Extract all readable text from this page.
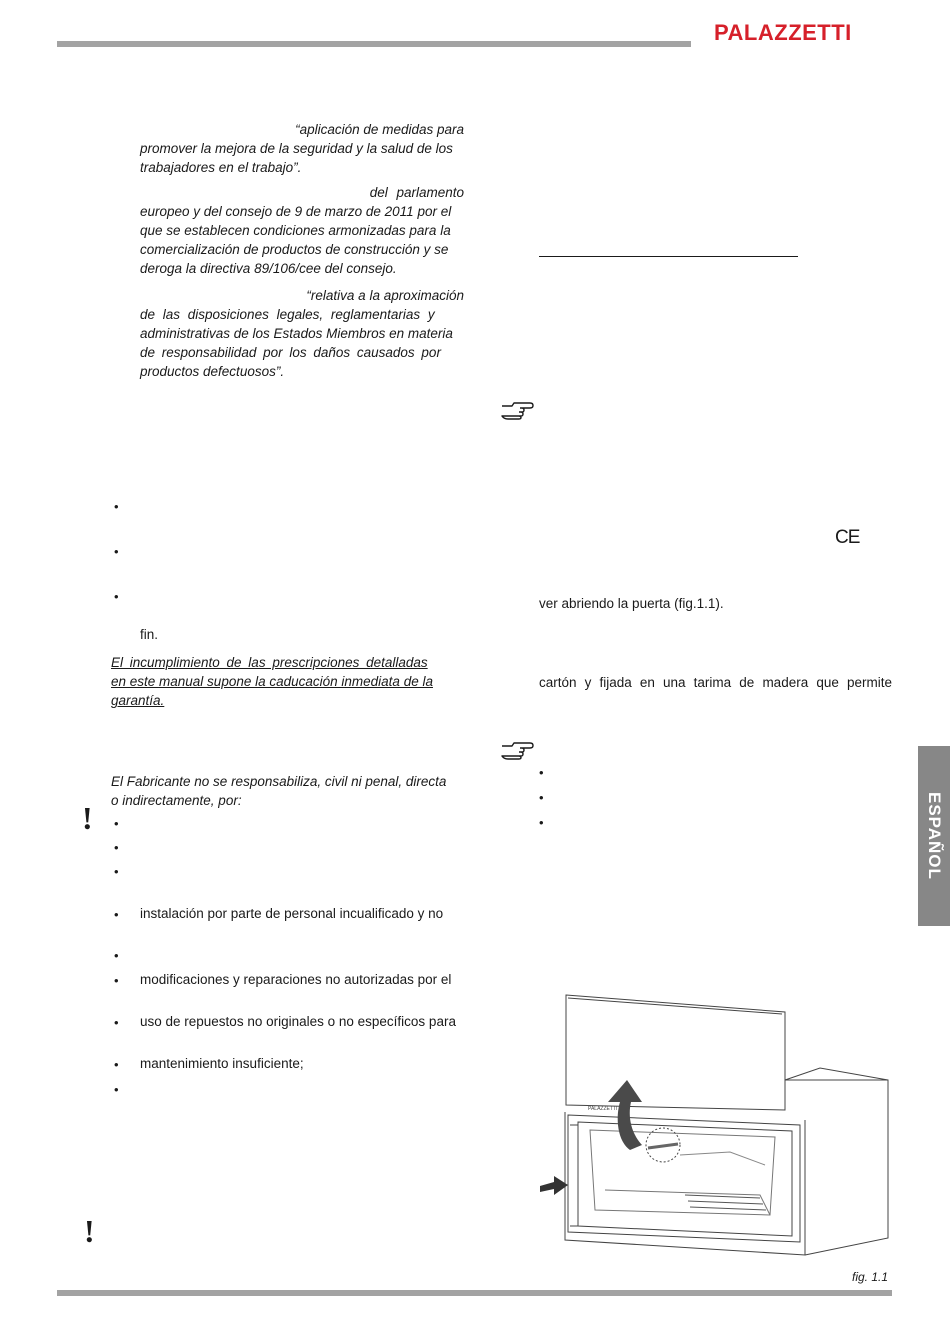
PALAZZETTI
“aplicación de medidas para
promover la mejora de la seguridad y la salud de los
trabajadores en el trabajo”.
del parlamento
europeo y del consejo de 9 de marzo de 2011 por el
que se establecen condiciones armonizadas para la
comercialización de productos de construcción y se
deroga la directiva 89/106/cee del consejo.
“relativa a la aproximación
de las disposiciones legales, reglamentarias y
administrativas de los Estados Miembros en materia
de responsabilidad por los daños causados por
productos defectuosos”.
•
•
•
fin.
El incumplimiento de las prescripciones detalladas
en este manual supone la caducación inmediata de la
garantía.
El Fabricante no se responsabiliza, civil ni penal, directa
o indirectamente, por:
! •
•
•
• instalación por parte de personal incualificado y no
•
• modificaciones y reparaciones no autorizadas por el
• uso de repuestos no originales o no específicos para
• mantenimiento insuficiente;
•
!
CE
ver abriendo la puerta (fig.1.1).
cartón y fijada en una tarima de madera que permite
•
•
•	ESPAÑOL
PALAZZETTI
fig. 1.1
